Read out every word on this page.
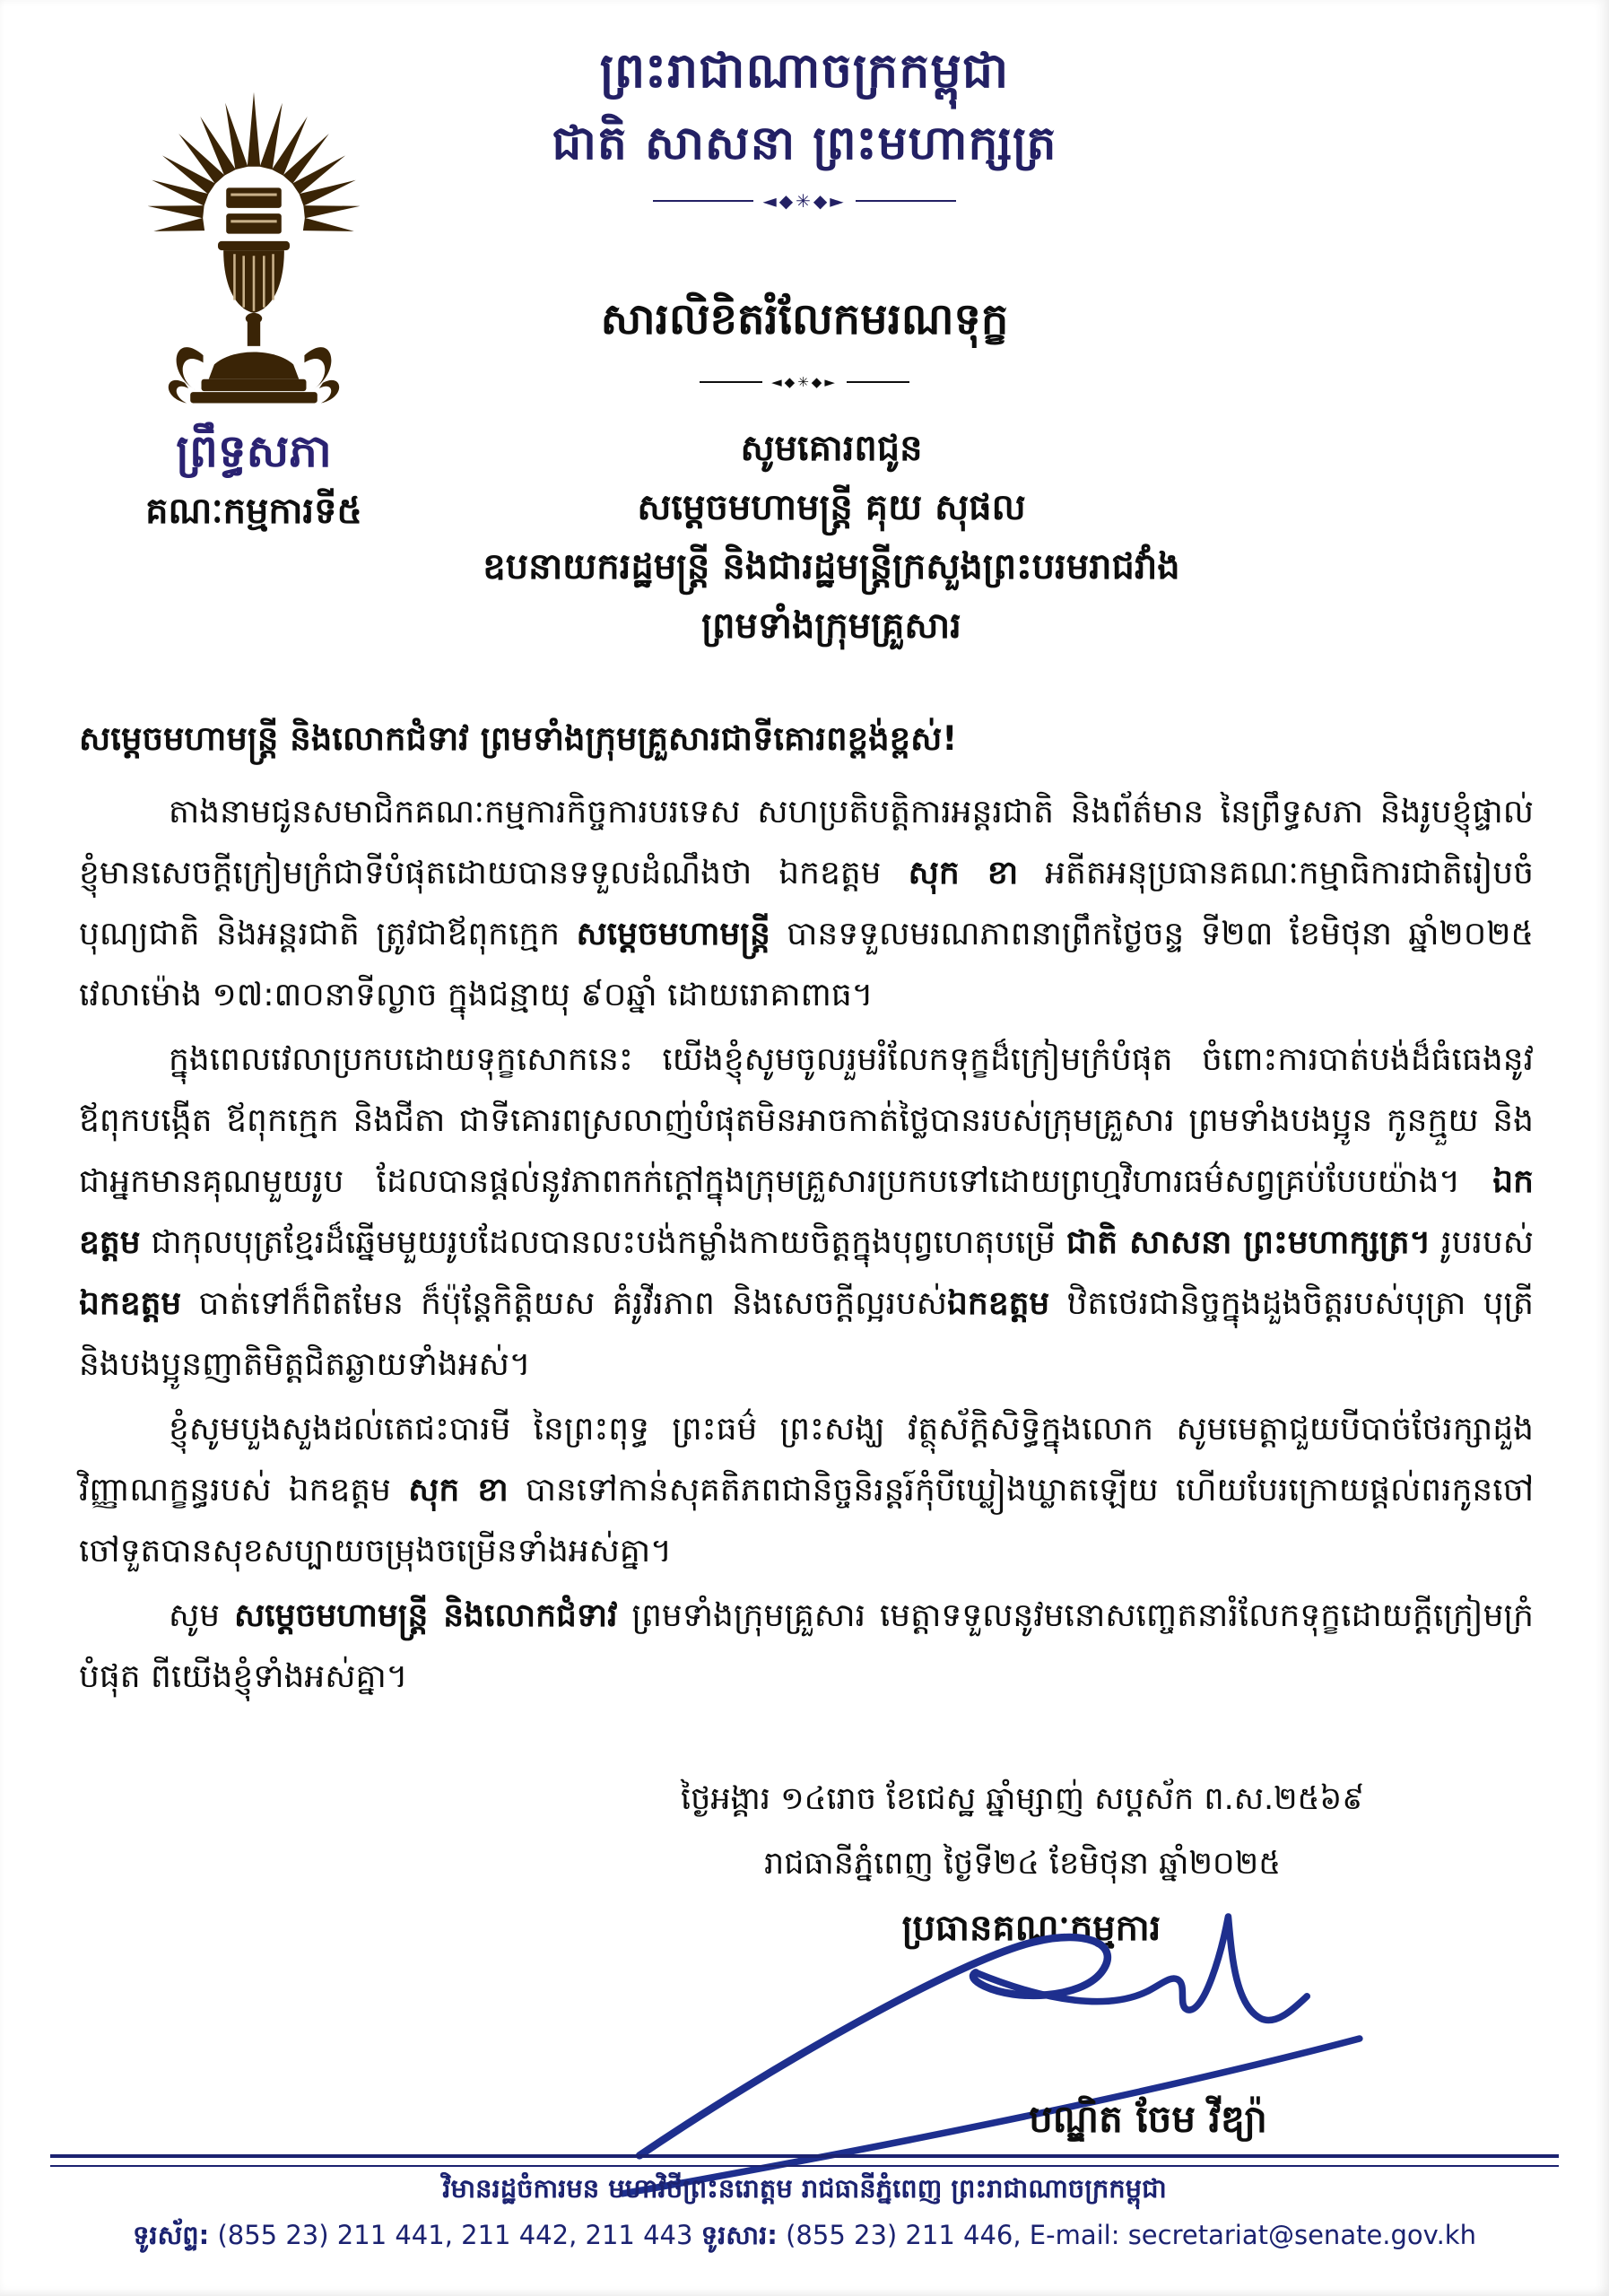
ព្រះរាជាណាចក្រកម្ពុជា
ជាតិ សាសនា ព្រះមហាក្សត្រ
◄◆✳◆►
ព្រឹទ្ធសភា
គណៈកម្មការទី៥
សារលិខិតរំលែកមរណទុក្ខ
◄◆✳◆►
សូមគោរពជូន
សម្តេចមហាមន្ត្រី គុយ សុផល
ឧបនាយករដ្ឋមន្ត្រី និងជារដ្ឋមន្ត្រីក្រសួងព្រះបរមរាជវាំង
ព្រមទាំងក្រុមគ្រួសារ
សម្តេចមហាមន្ត្រី និងលោកជំទាវ ព្រមទាំងក្រុមគ្រួសារជាទីគោរពខ្ពង់ខ្ពស់!

តាងនាមជូនសមាជិកគណៈកម្មការកិច្ចការបរទេស សហប្រតិបត្តិការអន្តរជាតិ និងព័ត៌មាន នៃព្រឹទ្ធសភា និងរូបខ្ញុំផ្ទាល់ ខ្ញុំមានសេចក្តីក្រៀមក្រំជាទីបំផុតដោយបានទទួលដំណឹងថា ឯកឧត្តម សុក ខា អតីតអនុប្រធានគណៈកម្មាធិការជាតិរៀបចំបុណ្យជាតិ និងអន្តរជាតិ ត្រូវជាឪពុកក្មេក សម្តេចមហាមន្ត្រី បានទទួលមរណភាពនាព្រឹកថ្ងៃចន្ទ ទី២៣ ខែមិថុនា ឆ្នាំ២០២៥ វេលាម៉ោង ១៧:៣០នាទីល្ងាច ក្នុងជន្មាយុ ៩០ឆ្នាំ ដោយរោគាពាធ។

ក្នុងពេលវេលាប្រកបដោយទុក្ខសោកនេះ យើងខ្ញុំសូមចូលរួមរំលែកទុក្ខដ៏ក្រៀមក្រំបំផុត ចំពោះការបាត់បង់ដ៏ធំធេងនូវឪពុកបង្កើត ឪពុកក្មេក និងជីតា ជាទីគោរពស្រលាញ់បំផុតមិនអាចកាត់ថ្លៃបានរបស់ក្រុមគ្រួសារ ព្រមទាំងបងប្អូន កូនក្មួយ និងជាអ្នកមានគុណមួយរូប ដែលបានផ្តល់នូវភាពកក់ក្តៅក្នុងក្រុមគ្រួសារប្រកបទៅដោយព្រហ្មវិហារធម៌សព្វគ្រប់បែបយ៉ាង។ ឯកឧត្តម ជាកុលបុត្រខ្មែរដ៏ឆ្នើមមួយរូបដែលបានលះបង់កម្លាំងកាយចិត្តក្នុងបុព្វហេតុបម្រើ ជាតិ សាសនា ព្រះមហាក្សត្រ។ រូបរបស់ ឯកឧត្តម បាត់ទៅក៏ពិតមែន ក៏ប៉ុន្តែកិត្តិយស គំរូវីរភាព និងសេចក្តីល្អរបស់ឯកឧត្តម ឋិតថេរជានិច្ចក្នុងដួងចិត្តរបស់បុត្រា បុត្រី និងបងប្អូនញាតិមិត្តជិតឆ្ងាយទាំងអស់។

ខ្ញុំសូមបួងសួងដល់តេជះបារមី នៃព្រះពុទ្ធ ព្រះធម៌ ព្រះសង្ឃ វត្ថុស័ក្តិសិទ្ធិក្នុងលោក សូមមេត្តាជួយបីបាច់ថែរក្សាដួងវិញ្ញាណក្ខន្ធរបស់ ឯកឧត្តម សុក ខា បានទៅកាន់សុគតិភពជានិច្ចនិរន្តរ៍កុំបីឃ្លៀងឃ្លាតឡើយ ហើយបែរក្រោយផ្តល់ពរកូនចៅ ចៅទួតបានសុខសប្បាយចម្រុងចម្រើនទាំងអស់គ្នា។

សូម សម្តេចមហាមន្ត្រី និងលោកជំទាវ ព្រមទាំងក្រុមគ្រួសារ មេត្តាទទួលនូវមនោសញ្ចេតនារំលែកទុក្ខដោយក្តីក្រៀមក្រំបំផុត ពីយើងខ្ញុំទាំងអស់គ្នា។

ថ្ងៃអង្គារ ១៤រោច ខែជេស្ឋ ឆ្នាំម្សាញ់ សប្តស័ក ព.ស.២៥៦៩
រាជធានីភ្នំពេញ ថ្ងៃទី២៤ ខែមិថុនា ឆ្នាំ២០២៥
ប្រធានគណៈកម្មការ
បណ្ឌិត ចែម វីឌ្យ៉ា
វិមានរដ្ឋចំការមន មហាវិថីព្រះនរោត្តម រាជធានីភ្នំពេញ ព្រះរាជាណាចក្រកម្ពុជា
ទូរស័ព្ទ: (855 23) 211 441, 211 442, 211 443 ទូរសារ: (855 23) 211 446, E-mail: secretariat@senate.gov.kh
